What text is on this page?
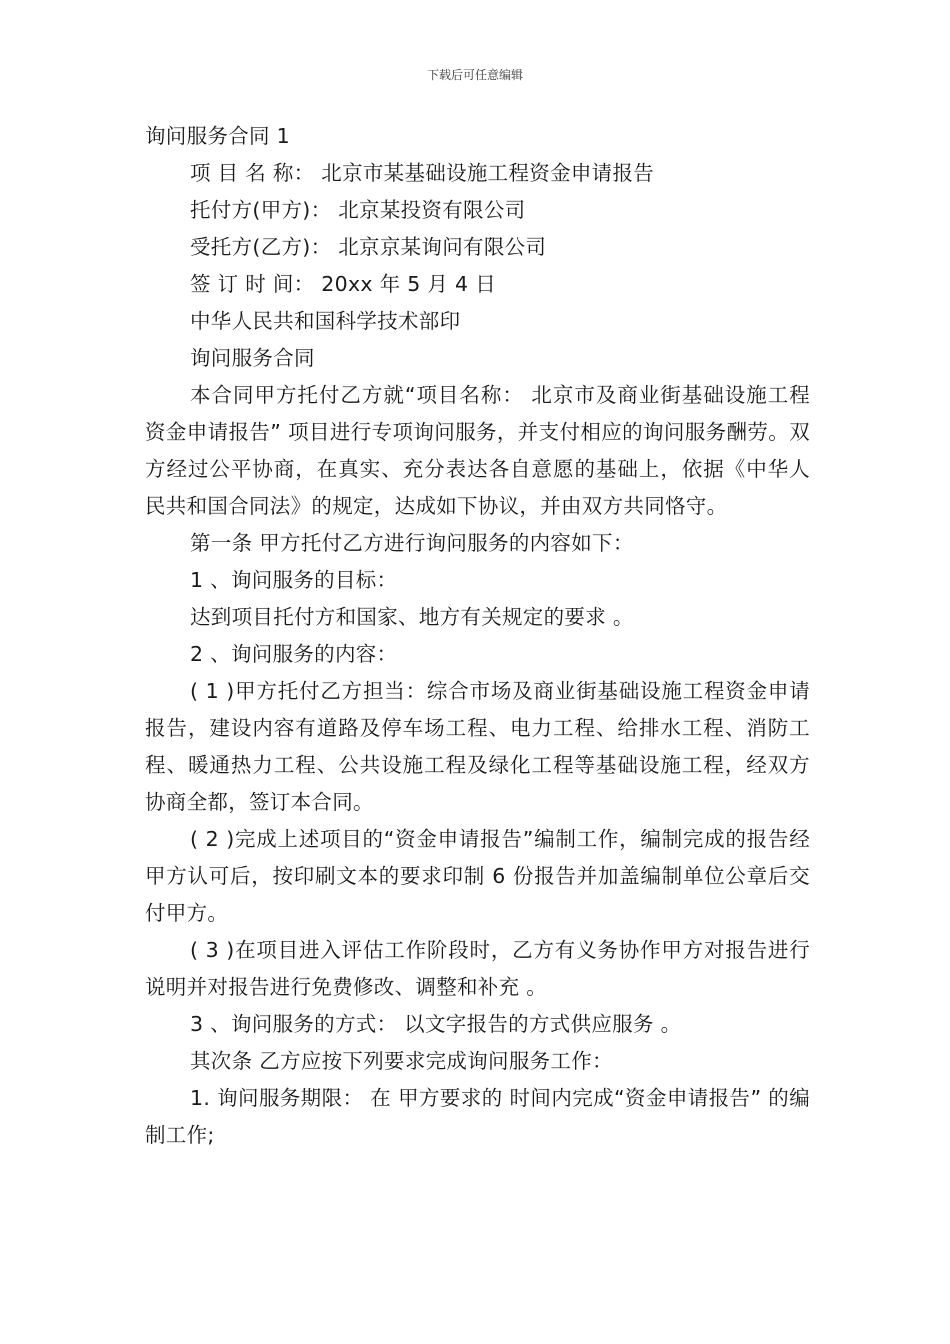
下载后可任意编辑

询问服务合同 1

项 目 名 称： 北京市某基础设施工程资金申请报告

托付方(甲方)： 北京某投资有限公司

受托方(乙方)： 北京京某询问有限公司

签 订 时 间： 20xx 年 5 月 4 日

中华人民共和国科学技术部印

询问服务合同

本合同甲方托付乙方就“项目名称： 北京市及商业街基础设施工程资金申请报告” 项目进行专项询问服务，并支付相应的询问服务酬劳。双方经过公平协商，在真实、充分表达各自意愿的基础上，依据《中华人民共和国合同法》的规定，达成如下协议，并由双方共同恪守。

第一条 甲方托付乙方进行询问服务的内容如下：

1 、询问服务的目标：

达到项目托付方和国家、地方有关规定的要求 。

2 、询问服务的内容：

( 1 )甲方托付乙方担当：综合市场及商业街基础设施工程资金申请报告，建设内容有道路及停车场工程、电力工程、给排水工程、消防工程、暖通热力工程、公共设施工程及绿化工程等基础设施工程，经双方协商全都，签订本合同。

( 2 )完成上述项目的“资金申请报告”编制工作，编制完成的报告经甲方认可后，按印刷文本的要求印制 6 份报告并加盖编制单位公章后交付甲方。

( 3 )在项目进入评估工作阶段时，乙方有义务协作甲方对报告进行说明并对报告进行免费修改、调整和补充 。

3 、询问服务的方式： 以文字报告的方式供应服务 。

其次条 乙方应按下列要求完成询问服务工作：

1. 询问服务期限： 在 甲方要求的 时间内完成“资金申请报告” 的编制工作;
